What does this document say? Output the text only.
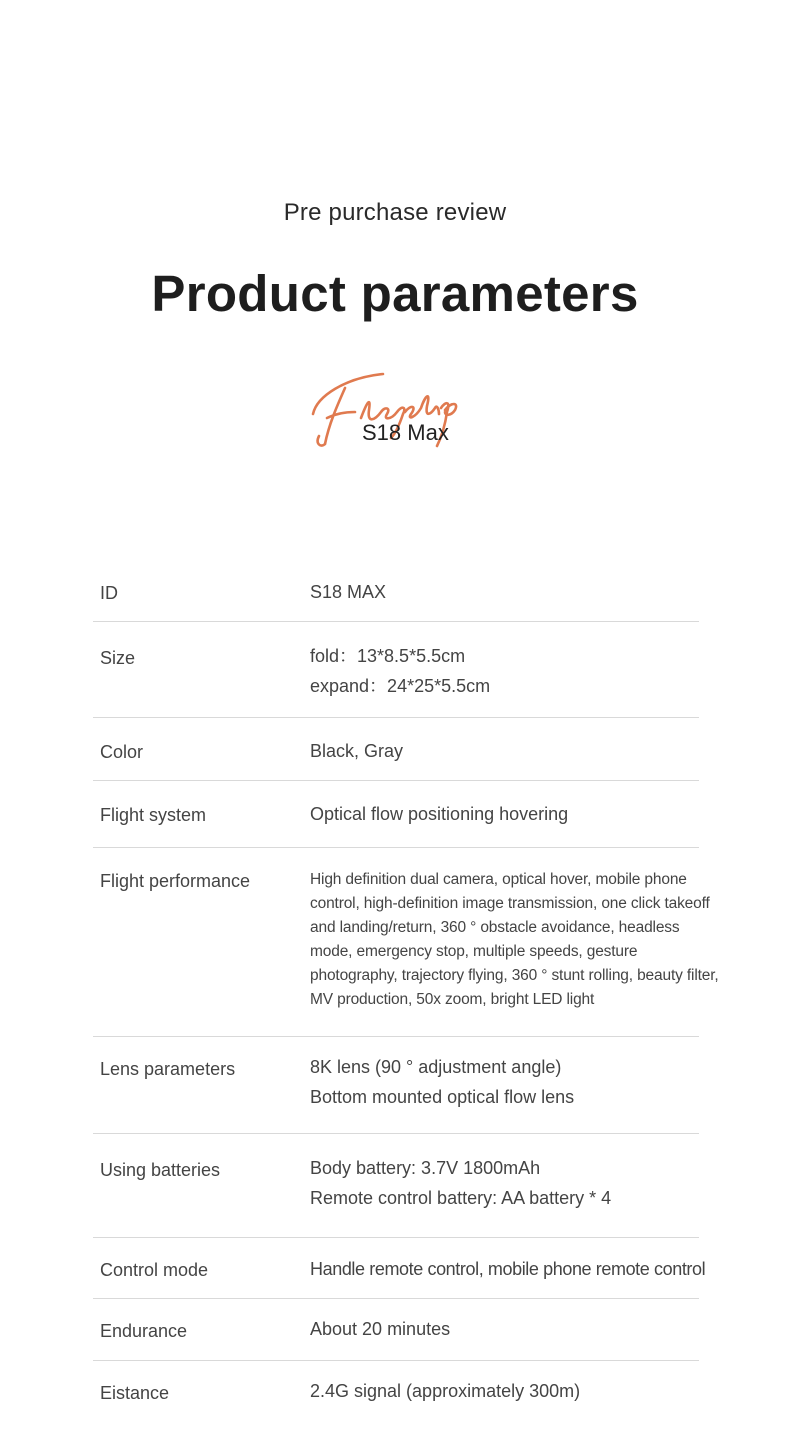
Pre purchase review
Product parameters
S18 Max
ID	S18 MAX
Size	fold：13*8.5*5.5cm
expand：24*25*5.5cm
Color	Black, Gray
Flight system	Optical flow positioning hovering
Flight performance	High definition dual camera, optical hover, mobile phone control, high-definition image transmission, one click takeoff and landing/return, 360 ° obstacle avoidance, headless mode, emergency stop, multiple speeds, gesture photography, trajectory flying, 360 ° stunt rolling, beauty filter, MV production, 50x zoom, bright LED light
Lens parameters	8K lens (90 ° adjustment angle)
Bottom mounted optical flow lens
Using batteries	Body battery: 3.7V 1800mAh
Remote control battery: AA battery * 4
Control mode	Handle remote control, mobile phone remote control
Endurance	About 20 minutes
Eistance	2.4G signal (approximately 300m)
